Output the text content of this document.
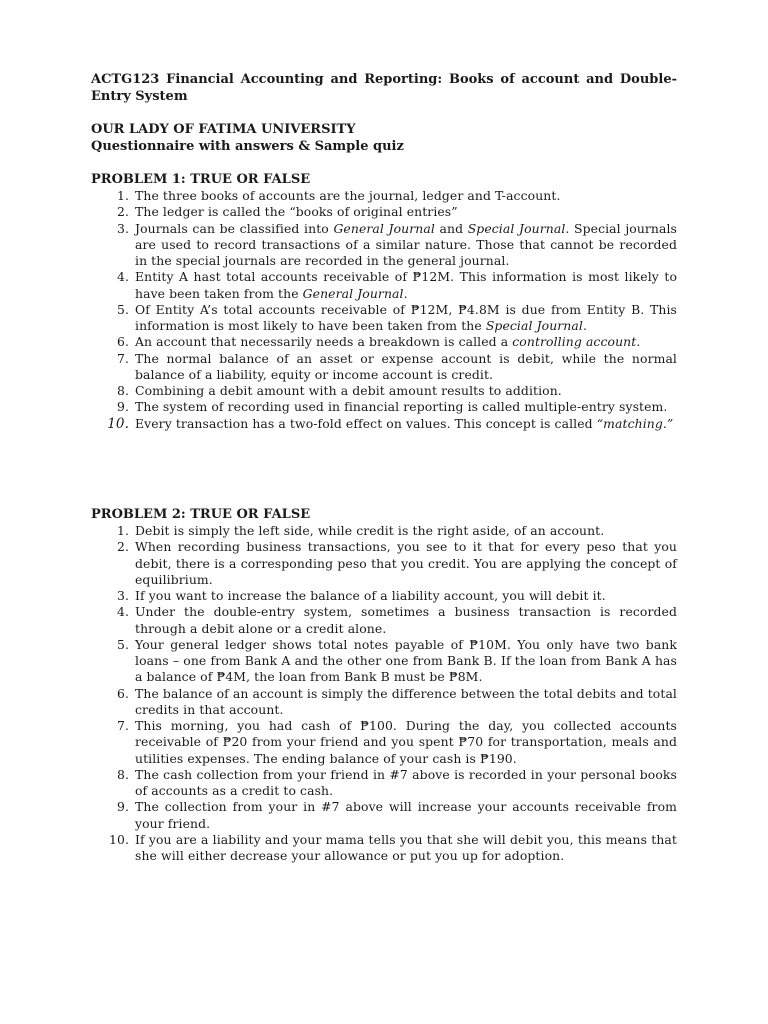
ACTG123 Financial Accounting and Reporting: Books of account and Double-Entry System
OUR LADY OF FATIMA UNIVERSITY
Questionnaire with answers & Sample quiz
PROBLEM 1: TRUE OR FALSE
1. The three books of accounts are the journal, ledger and T-account.
2. The ledger is called the “books of original entries”
3. Journals can be classified into General Journal and Special Journal. Special journals are used to record transactions of a similar nature. Those that cannot be recorded in the special journals are recorded in the general journal.
4. Entity A hast total accounts receivable of ₱12M. This information is most likely to have been taken from the General Journal.
5. Of Entity A’s total accounts receivable of ₱12M, ₱4.8M is due from Entity B. This information is most likely to have been taken from the Special Journal.
6. An account that necessarily needs a breakdown is called a controlling account.
7. The normal balance of an asset or expense account is debit, while the normal balance of a liability, equity or income account is credit.
8. Combining a debit amount with a debit amount results to addition.
9. The system of recording used in financial reporting is called multiple-entry system.
10. Every transaction has a two-fold effect on values. This concept is called “matching.”
PROBLEM 2: TRUE OR FALSE
1. Debit is simply the left side, while credit is the right aside, of an account.
2. When recording business transactions, you see to it that for every peso that you debit, there is a corresponding peso that you credit. You are applying the concept of equilibrium.
3. If you want to increase the balance of a liability account, you will debit it.
4. Under the double-entry system, sometimes a business transaction is recorded through a debit alone or a credit alone.
5. Your general ledger shows total notes payable of ₱10M. You only have two bank loans – one from Bank A and the other one from Bank B. If the loan from Bank A has a balance of ₱4M, the loan from Bank B must be ₱8M.
6. The balance of an account is simply the difference between the total debits and total credits in that account.
7. This morning, you had cash of ₱100. During the day, you collected accounts receivable of ₱20 from your friend and you spent ₱70 for transportation, meals and utilities expenses. The ending balance of your cash is ₱190.
8. The cash collection from your friend in #7 above is recorded in your personal books of accounts as a credit to cash.
9. The collection from your in #7 above will increase your accounts receivable from your friend.
10. If you are a liability and your mama tells you that she will debit you, this means that she will either decrease your allowance or put you up for adoption.
